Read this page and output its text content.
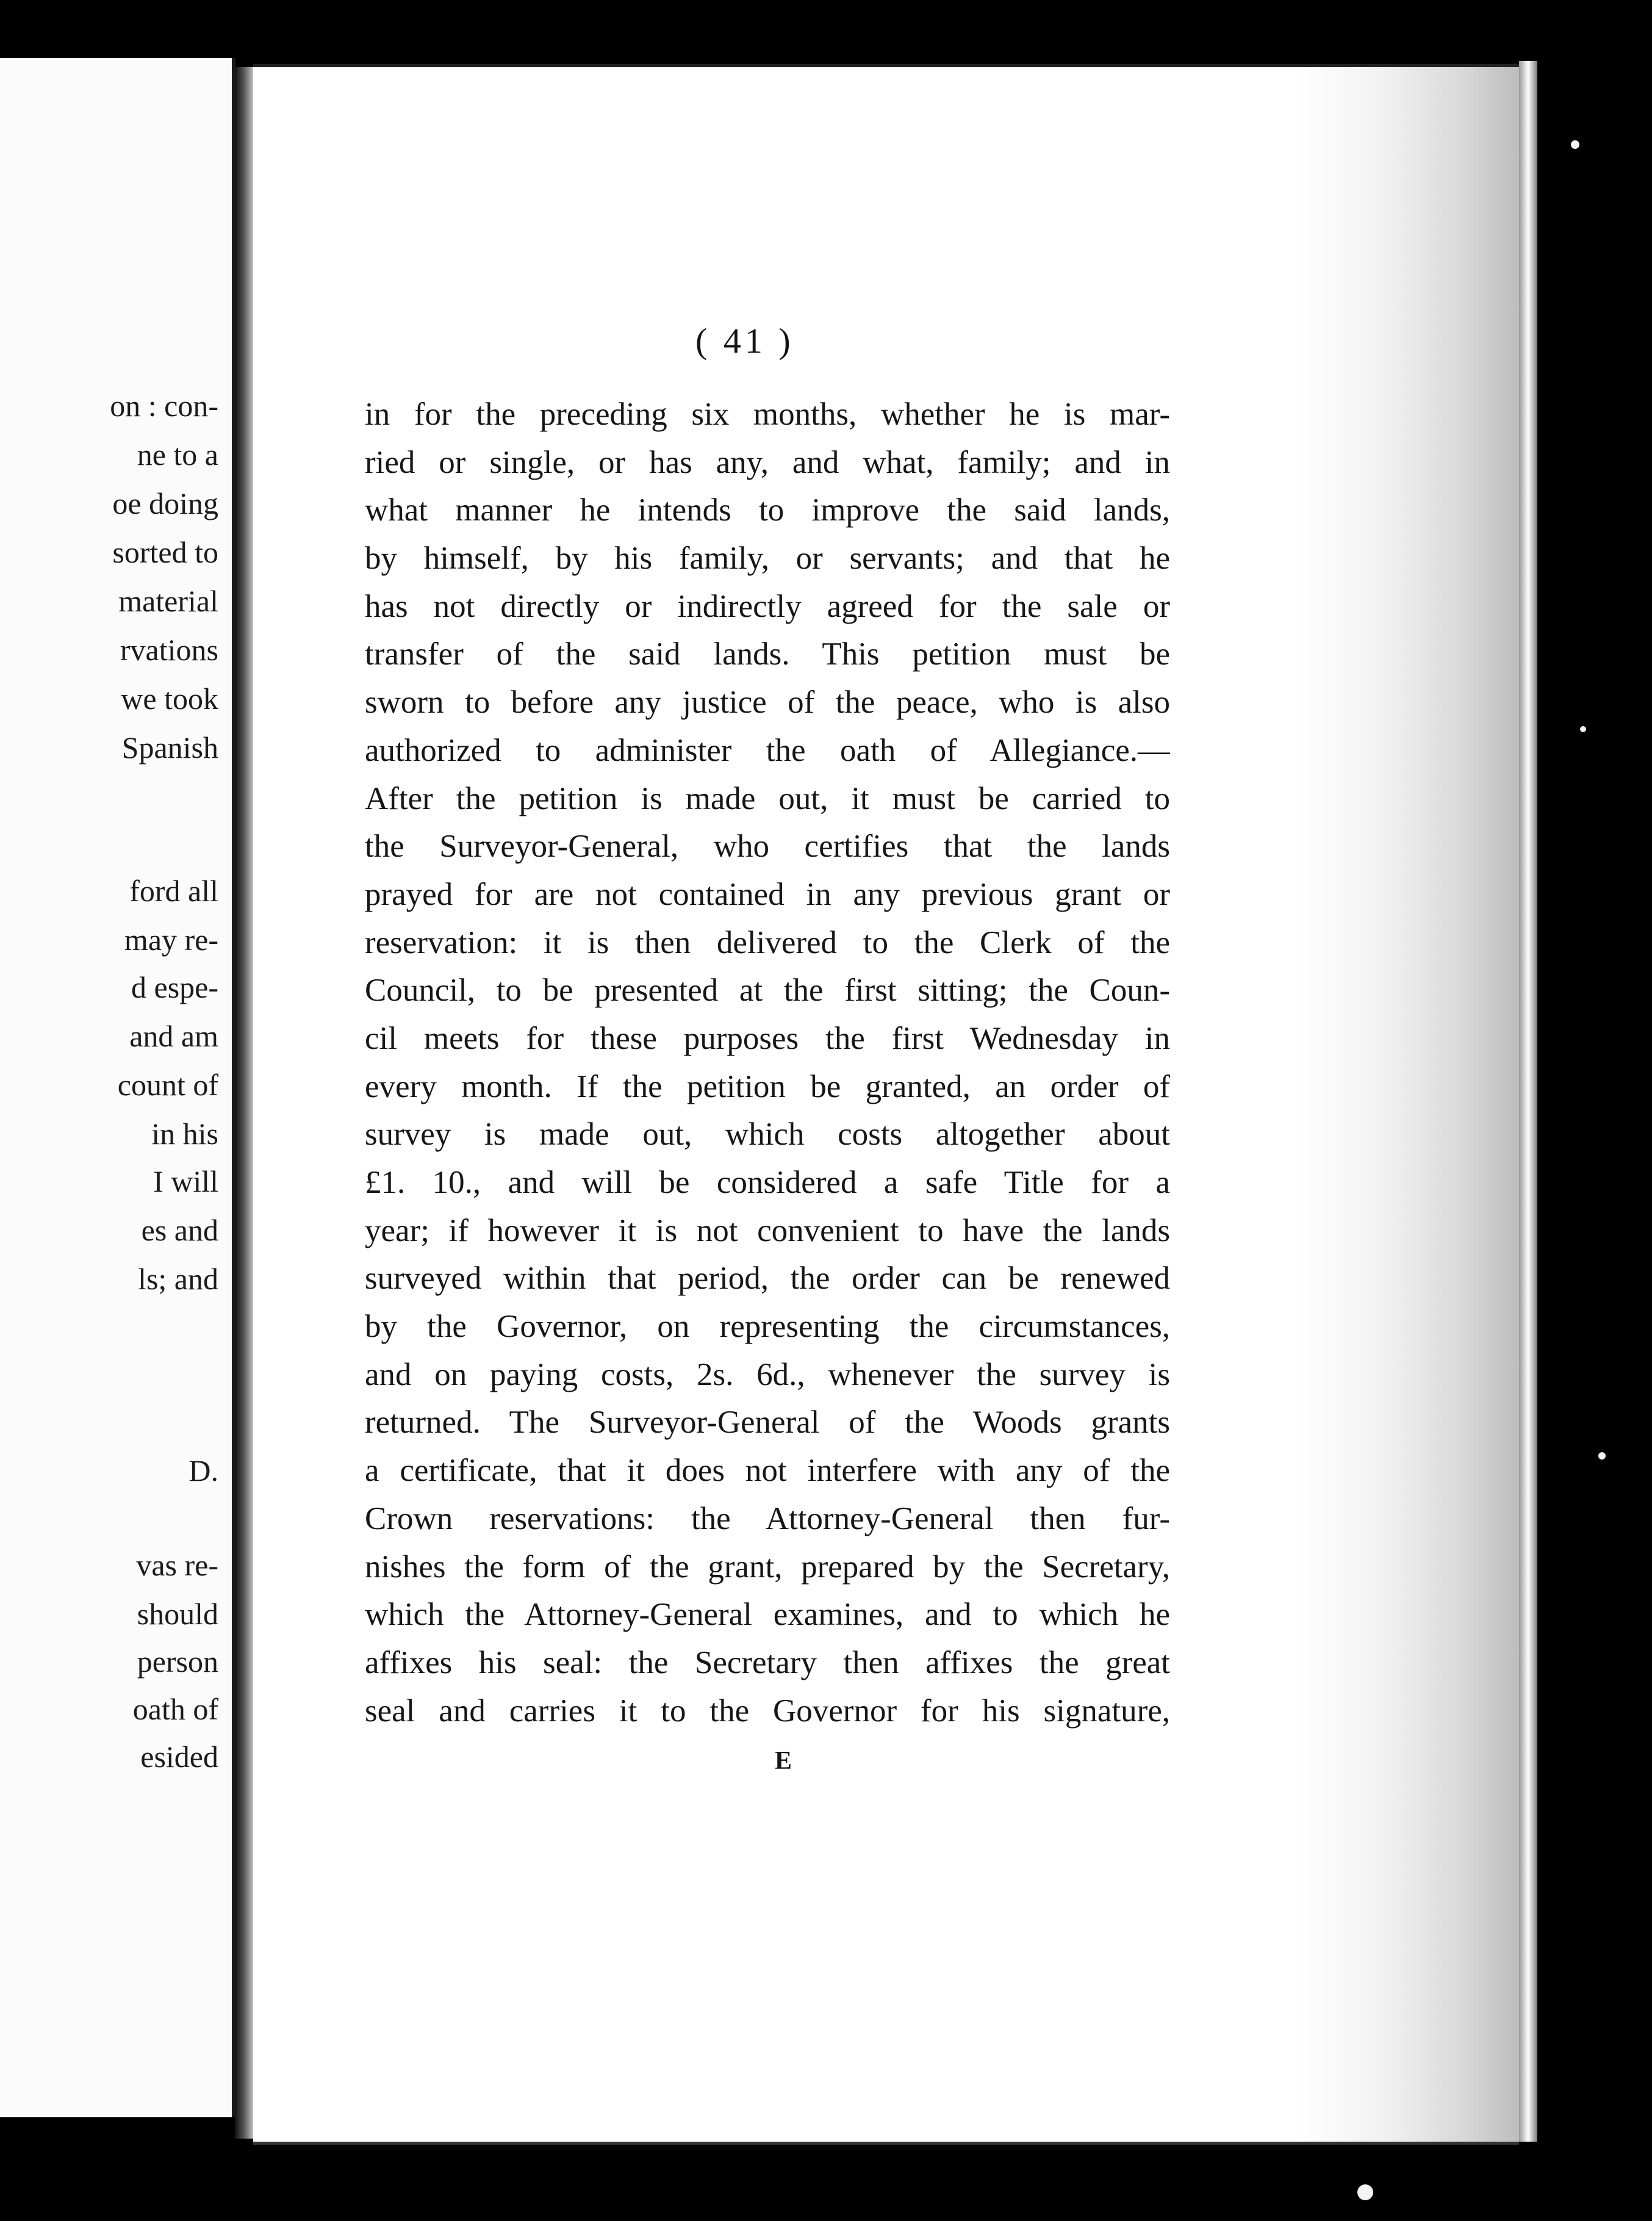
on : con-
ne to a
oe doing
sorted to
material
rvations
we took
Spanish
ford all
may re-
d espe-
and am
count of
in his
I will
es and
ls; and
D.
vas re-
should
person
oath of
esided
( 41 )
in for the preceding six months, whether he is mar-
ried or single, or has any, and what, family; and in
what manner he intends to improve the said lands,
by himself, by his family, or servants; and that he
has not directly or indirectly agreed for the sale or
transfer of the said lands. This petition must be
sworn to before any justice of the peace, who is also
authorized to administer the oath of Allegiance.—
After the petition is made out, it must be carried to
the Surveyor-General, who certifies that the lands
prayed for are not contained in any previous grant or
reservation: it is then delivered to the Clerk of the
Council, to be presented at the first sitting; the Coun-
cil meets for these purposes the first Wednesday in
every month. If the petition be granted, an order of
survey is made out, which costs altogether about
£1. 10., and will be considered a safe Title for a
year; if however it is not convenient to have the lands
surveyed within that period, the order can be renewed
by the Governor, on representing the circumstances,
and on paying costs, 2s. 6d., whenever the survey is
returned. The Surveyor-General of the Woods grants
a certificate, that it does not interfere with any of the
Crown reservations: the Attorney-General then fur-
nishes the form of the grant, prepared by the Secretary,
which the Attorney-General examines, and to which he
affixes his seal: the Secretary then affixes the great
seal and carries it to the Governor for his signature,
E
